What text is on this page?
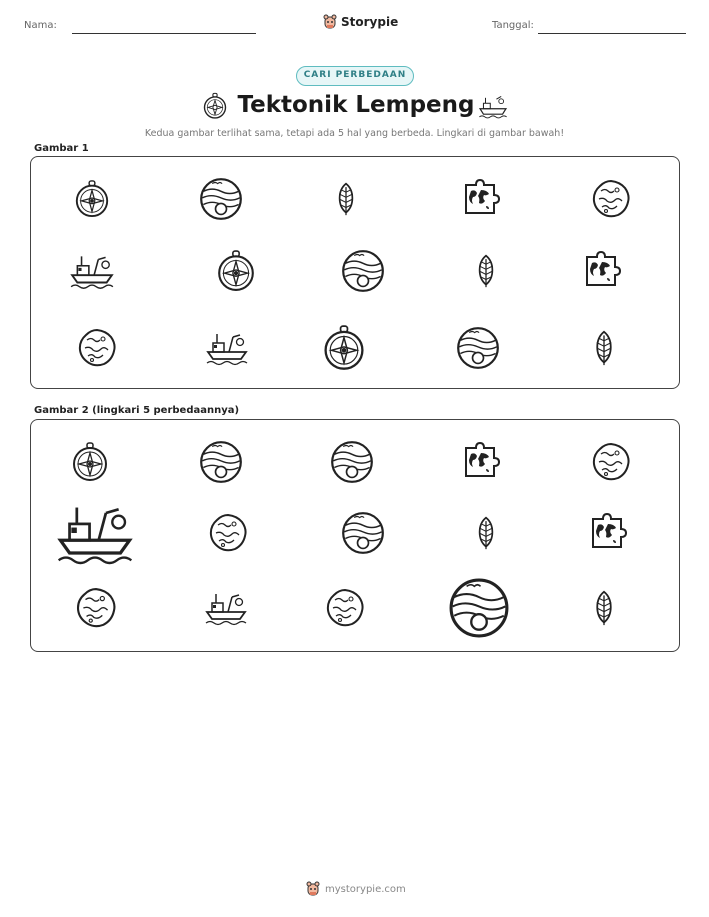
Nama:	Storypie	Tanggal:
CARI PERBEDAAN
Tektonik Lempeng
Kedua gambar terlihat sama, tetapi ada 5 hal yang berbeda. Lingkari di gambar bawah!
Gambar 1
Gambar 2 (lingkari 5 perbedaannya)
mystorypie.com
